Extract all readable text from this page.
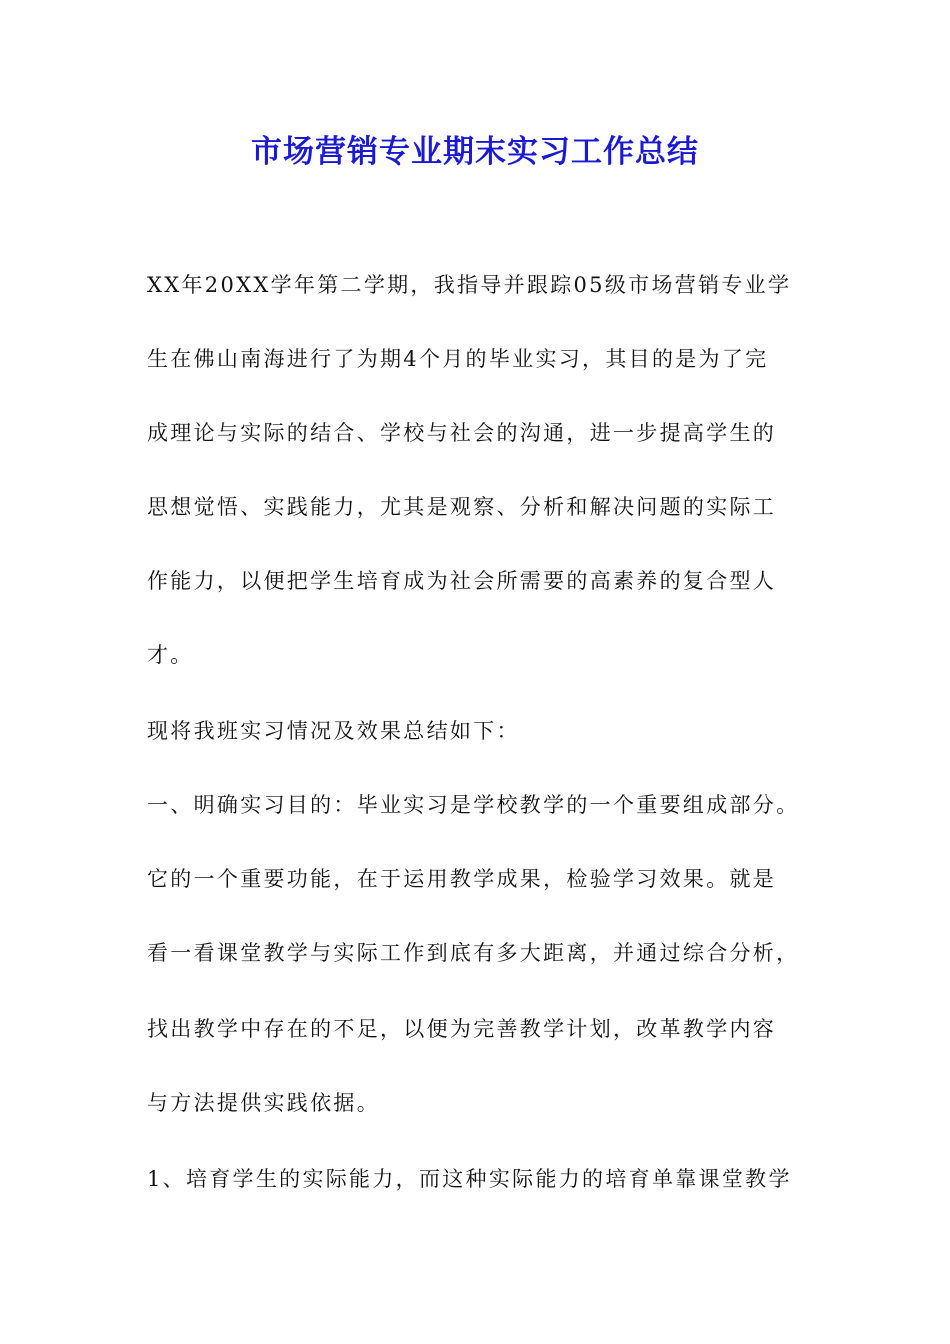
市场营销专业期末实习工作总结

XX年20XX学年第二学期，我指导并跟踪05级市场营销专业学

生在佛山南海进行了为期4个月的毕业实习，其目的是为了完

成理论与实际的结合、学校与社会的沟通，进一步提高学生的

思想觉悟、实践能力，尤其是观察、分析和解决问题的实际工

作能力，以便把学生培育成为社会所需要的高素养的复合型人

才。

现将我班实习情况及效果总结如下：

一、明确实习目的：毕业实习是学校教学的一个重要组成部分。

它的一个重要功能，在于运用教学成果，检验学习效果。就是

看一看课堂教学与实际工作到底有多大距离，并通过综合分析，

找出教学中存在的不足，以便为完善教学计划，改革教学内容

与方法提供实践依据。

1、培育学生的实际能力，而这种实际能力的培育单靠课堂教学
